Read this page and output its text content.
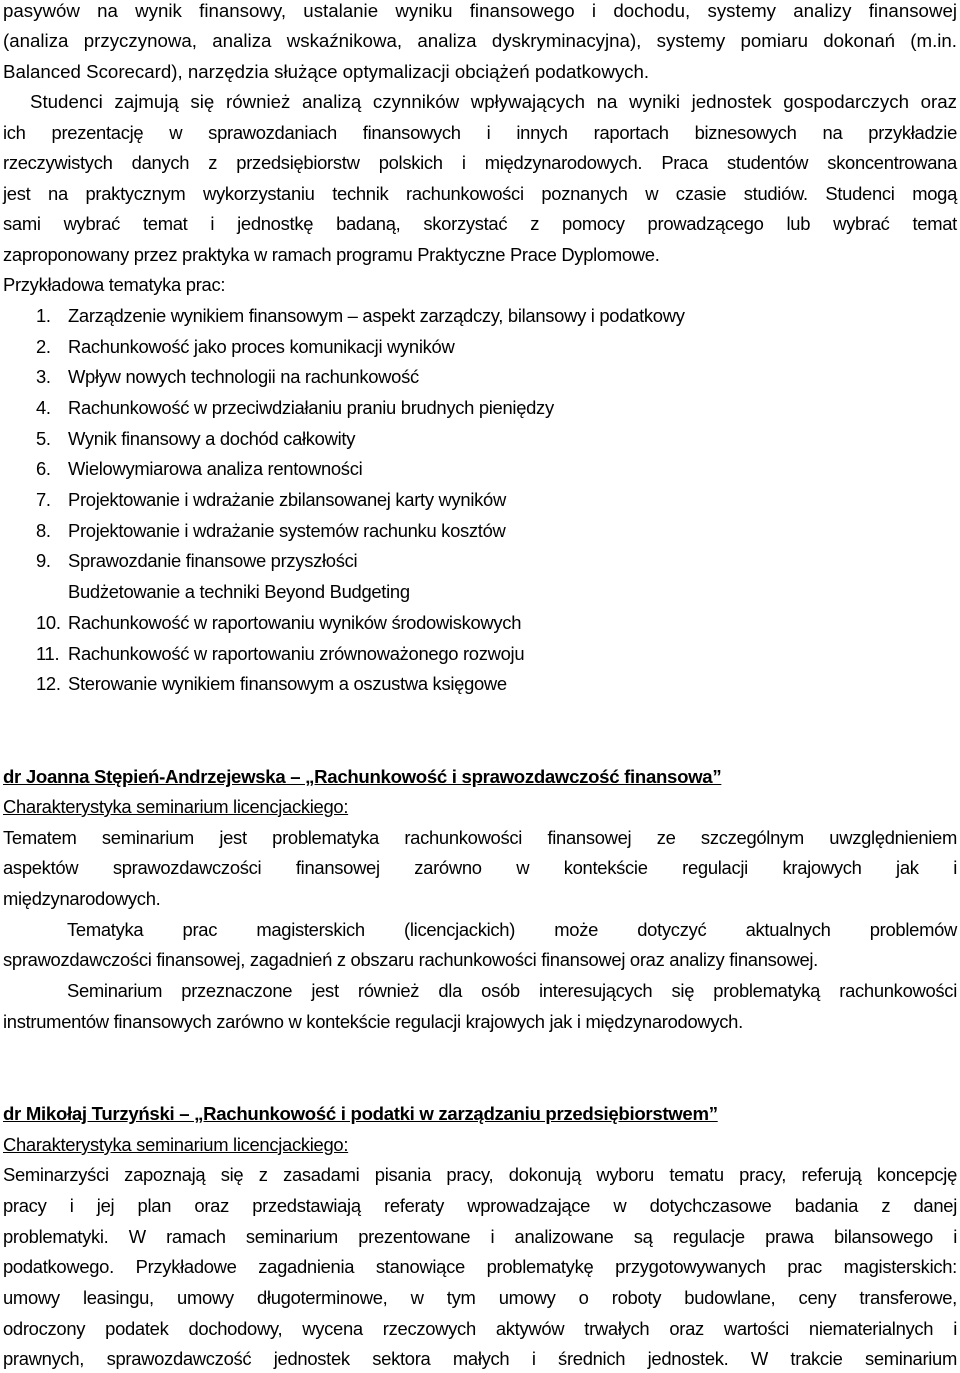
pasywów na wynik finansowy, ustalanie wyniku finansowego i dochodu, systemy analizy finansowej
(analiza przyczynowa, analiza wskaźnikowa, analiza dyskryminacyjna), systemy pomiaru dokonań (m.in.
Balanced Scorecard), narzędzia służące optymalizacji obciążeń podatkowych.
Studenci zajmują się również analizą czynników wpływających na wyniki jednostek gospodarczych oraz
ich prezentację w sprawozdaniach finansowych i innych raportach biznesowych na przykładzie
rzeczywistych danych z przedsiębiorstw polskich i międzynarodowych. Praca studentów skoncentrowana
jest na praktycznym wykorzystaniu technik rachunkowości poznanych w czasie studiów. Studenci mogą
sami wybrać temat i jednostkę badaną, skorzystać z pomocy prowadzącego lub wybrać temat
zaproponowany przez praktyka w ramach programu Praktyczne Prace Dyplomowe.
Przykładowa tematyka prac:
1. Zarządzenie wynikiem finansowym – aspekt zarządczy, bilansowy i podatkowy
2. Rachunkowość jako proces komunikacji wyników
3. Wpływ nowych technologii na rachunkowość
4. Rachunkowość w przeciwdziałaniu praniu brudnych pieniędzy
5. Wynik finansowy a dochód całkowity
6. Wielowymiarowa analiza rentowności
7. Projektowanie i wdrażanie zbilansowanej karty wyników
8. Projektowanie i wdrażanie systemów rachunku kosztów
9. Sprawozdanie finansowe przyszłości
Budżetowanie a techniki Beyond Budgeting
10. Rachunkowość w raportowaniu wyników środowiskowych
11. Rachunkowość w raportowaniu zrównoważonego rozwoju
12. Sterowanie wynikiem finansowym a oszustwa księgowe
dr Joanna Stępień-Andrzejewska – „Rachunkowość i sprawozdawczość finansowa”
Charakterystyka seminarium licencjackiego:
Tematem seminarium jest problematyka rachunkowości finansowej ze szczególnym uwzględnieniem
aspektów sprawozdawczości finansowej zarówno w kontekście regulacji krajowych jak i
międzynarodowych.
Tematyka prac magisterskich (licencjackich) może dotyczyć aktualnych problemów
sprawozdawczości finansowej, zagadnień z obszaru rachunkowości finansowej oraz analizy finansowej.
Seminarium przeznaczone jest również dla osób interesujących się problematyką rachunkowości
instrumentów finansowych zarówno w kontekście regulacji krajowych jak i międzynarodowych.
dr Mikołaj Turzyński – „Rachunkowość i podatki w zarządzaniu przedsiębiorstwem”
Charakterystyka seminarium licencjackiego:
Seminarzyści zapoznają się z zasadami pisania pracy, dokonują wyboru tematu pracy, referują koncepcję
pracy i jej plan oraz przedstawiają referaty wprowadzające w dotychczasowe badania z danej
problematyki. W ramach seminarium prezentowane i analizowane są regulacje prawa bilansowego i
podatkowego. Przykładowe zagadnienia stanowiące problematykę przygotowywanych prac magisterskich:
umowy leasingu, umowy długoterminowe, w tym umowy o roboty budowlane, ceny transferowe,
odroczony podatek dochodowy, wycena rzeczowych aktywów trwałych oraz wartości niematerialnych i
prawnych, sprawozdawczość jednostek sektora małych i średnich jednostek. W trakcie seminarium
